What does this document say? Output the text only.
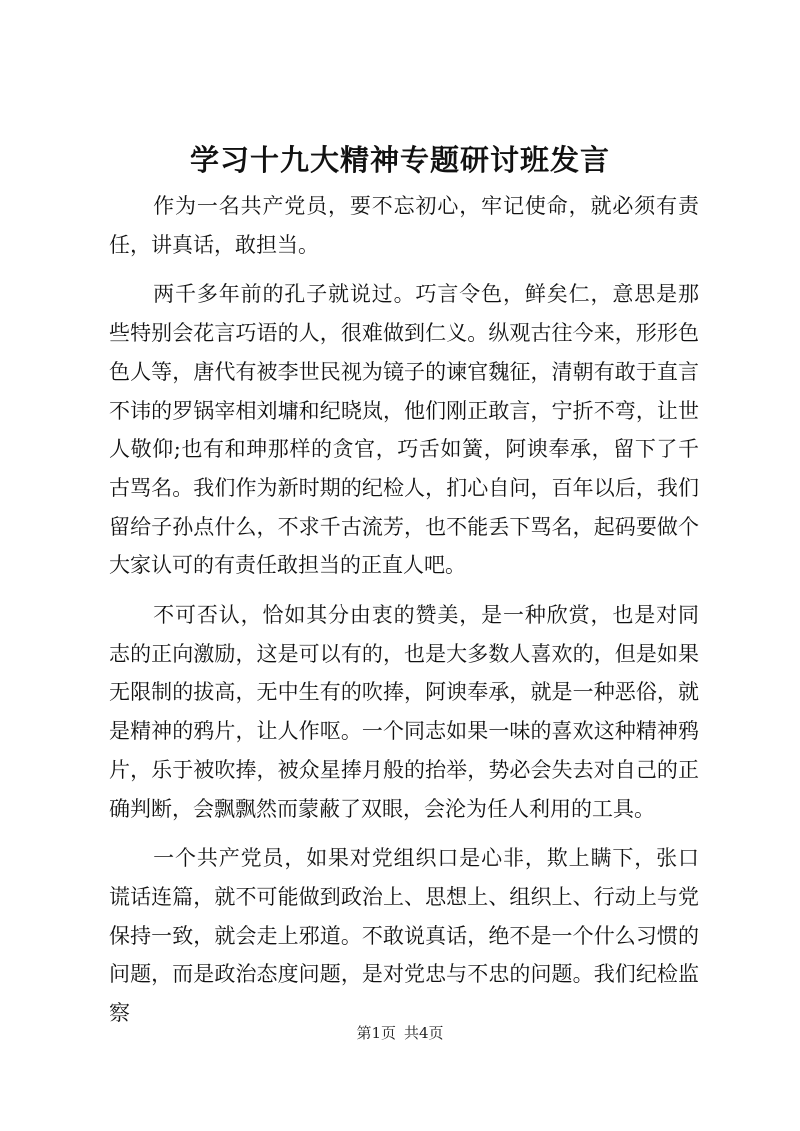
学习十九大精神专题研讨班发言

作为一名共产党员，要不忘初心，牢记使命，就必须有责任，讲真话，敢担当。

两千多年前的孔子就说过。巧言令色，鲜矣仁，意思是那些特别会花言巧语的人，很难做到仁义。纵观古往今来，形形色色人等，唐代有被李世民视为镜子的谏官魏征，清朝有敢于直言不讳的罗锅宰相刘墉和纪晓岚，他们刚正敢言，宁折不弯，让世人敬仰;也有和珅那样的贪官，巧舌如簧，阿谀奉承，留下了千古骂名。我们作为新时期的纪检人，扪心自问，百年以后，我们留给子孙点什么，不求千古流芳，也不能丢下骂名，起码要做个大家认可的有责任敢担当的正直人吧。

不可否认，恰如其分由衷的赞美，是一种欣赏，也是对同志的正向激励，这是可以有的，也是大多数人喜欢的，但是如果无限制的拔高，无中生有的吹捧，阿谀奉承，就是一种恶俗，就是精神的鸦片，让人作呕。一个同志如果一味的喜欢这种精神鸦片，乐于被吹捧，被众星捧月般的抬举，势必会失去对自己的正确判断，会飘飘然而蒙蔽了双眼，会沦为任人利用的工具。

一个共产党员，如果对党组织口是心非，欺上瞒下，张口谎话连篇，就不可能做到政治上、思想上、组织上、行动上与党保持一致，就会走上邪道。不敢说真话，绝不是一个什么习惯的问题，而是政治态度问题，是对党忠与不忠的问题。我们纪检监察

第1页 共4页
